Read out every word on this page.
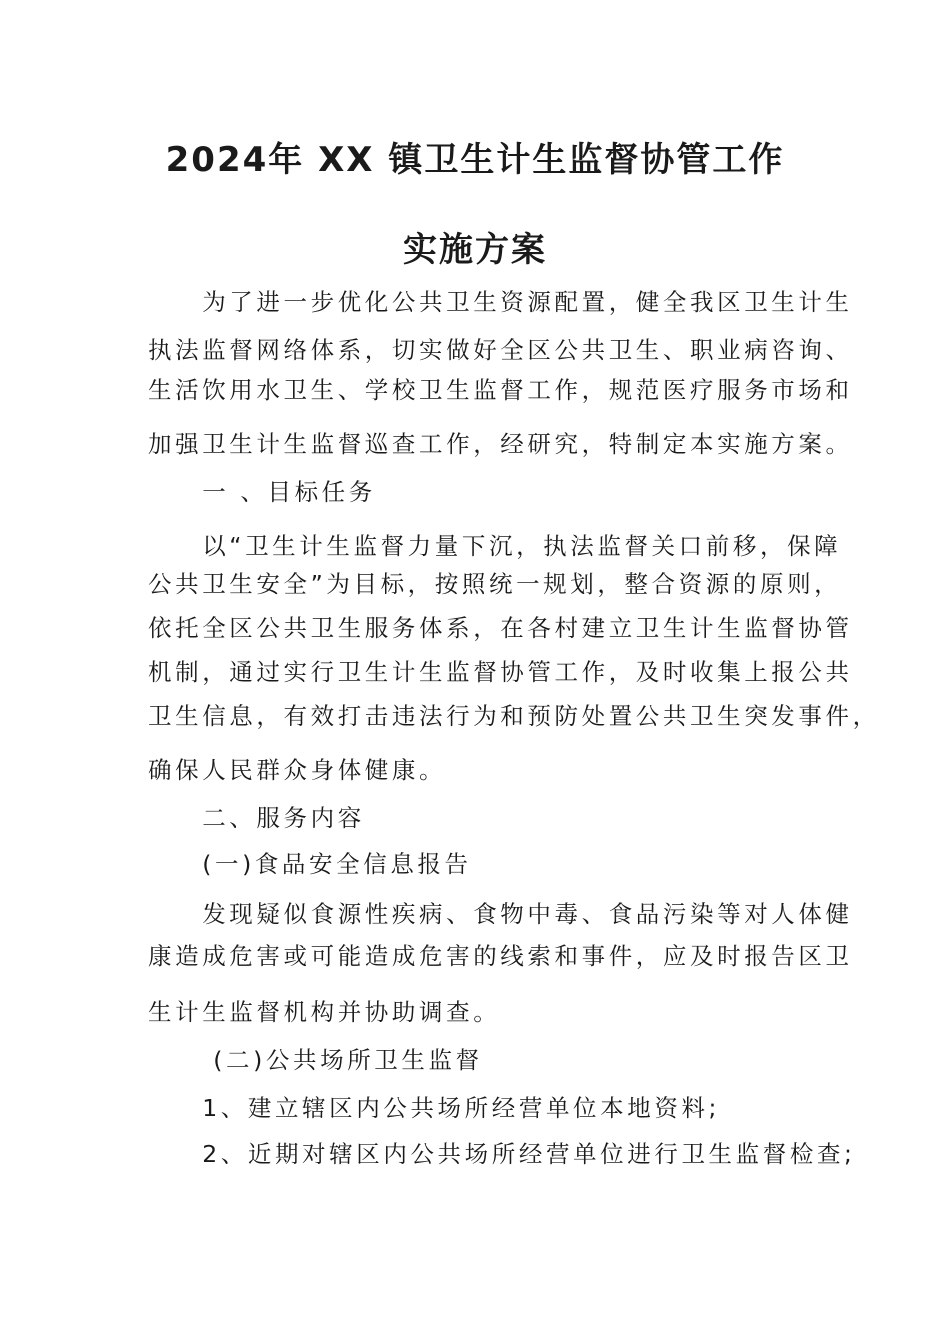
2024年 XX 镇卫生计生监督协管工作
实施方案
　　为了进一步优化公共卫生资源配置，健全我区卫生计生
执法监督网络体系，切实做好全区公共卫生、职业病咨询、
生活饮用水卫生、学校卫生监督工作，规范医疗服务市场和
加强卫生计生监督巡查工作，经研究，特制定本实施方案。
　　一 、目标任务
　　以“卫生计生监督力量下沉，执法监督关口前移，保障
公共卫生安全”为目标，按照统一规划，整合资源的原则，
依托全区公共卫生服务体系，在各村建立卫生计生监督协管
机制，通过实行卫生计生监督协管工作，及时收集上报公共
卫生信息，有效打击违法行为和预防处置公共卫生突发事件，
确保人民群众身体健康。
　　二、服务内容
　　(一)食品安全信息报告
　　发现疑似食源性疾病、食物中毒、食品污染等对人体健
康造成危害或可能造成危害的线索和事件，应及时报告区卫
生计生监督机构并协助调查。
　　 (二)公共场所卫生监督
　　1、建立辖区内公共场所经营单位本地资料;
　　2、近期对辖区内公共场所经营单位进行卫生监督检查;
